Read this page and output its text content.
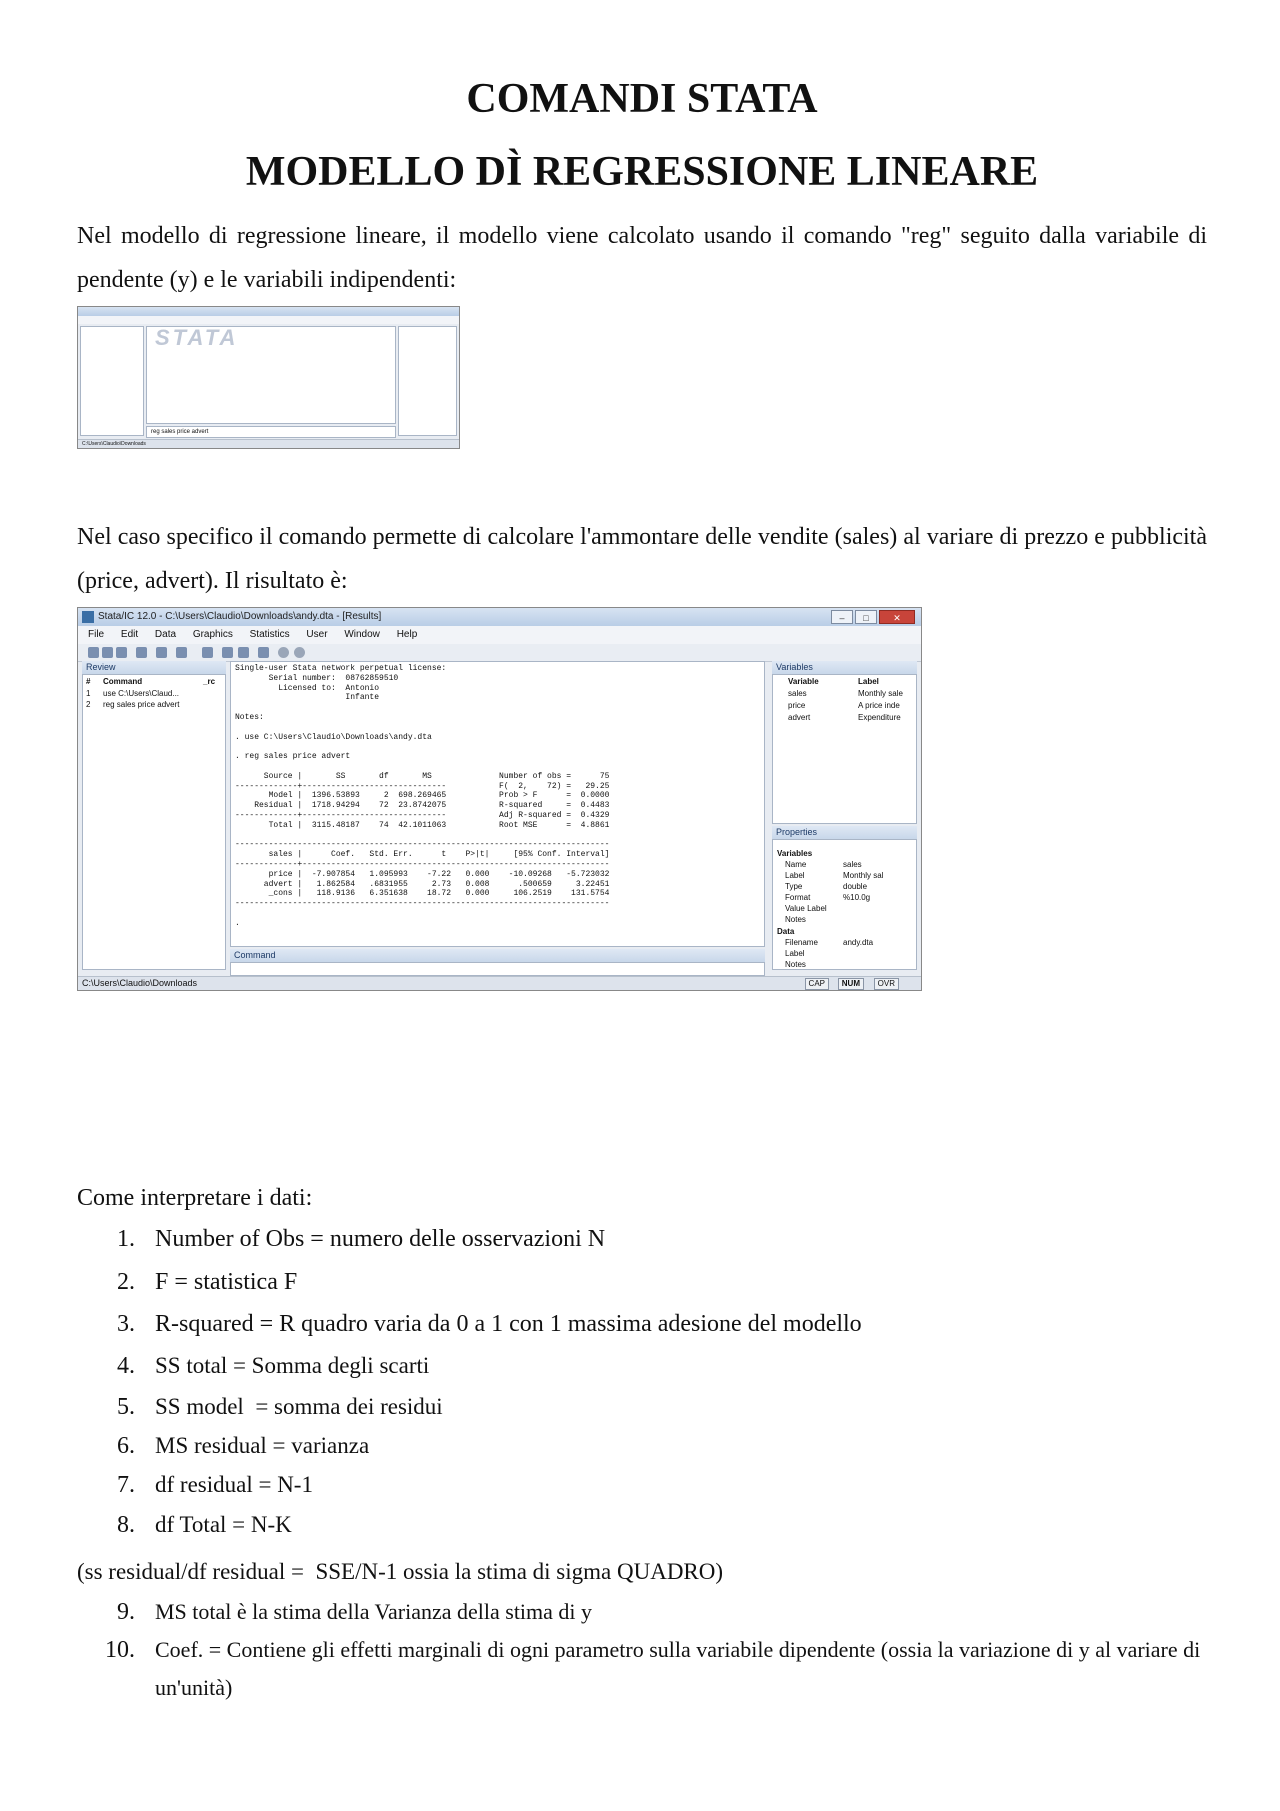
COMANDI STATA
MODELLO DÌ REGRESSIONE LINEARE
Nel modello di regressione lineare, il modello viene calcolato usando il comando "reg" seguito dalla variabile di pendente (y) e le variabili indipendenti:
Nel caso specifico il comando permette di calcolare l'ammontare delle vendite (sales) al variare di prezzo e pubblicità (price, advert). Il risultato è:
Come interpretare i dati:
1. Number of Obs = numero delle osservazioni N
2. F = statistica F
3. R-squared = R quadro varia da 0 a 1 con 1 massima adesione del modello
4. SS total = Somma degli scarti
5. SS model  = somma dei residui
6. MS residual = varianza
7. df residual = N-1
8. df Total = N-K
(ss residual/df residual =  SSE/N-1 ossia la stima di sigma QUADRO)
9. MS total è la stima della Varianza della stima di y
10. Coef. = Contiene gli effetti marginali di ogni parametro sulla variabile dipendente (ossia la variazione di y al variare di un'unità)
STATA
reg sales price advert
C:\Users\Claudio\Downloads
Stata/IC 12.0 - C:\Users\Claudio\Downloads\andy.dta - [Results]	– □	✕
File Edit Data Graphics Statistics User Window Help
Review
# Command	_rc
1 use C:\Users\Claud...
2 reg sales price advert
Single-user Stata network perpetual license:
Serial number:  08762859510
Licensed to:  Antonio
Infante

Notes:

. use C:\Users\Claudio\Downloads\andy.dta

. reg sales price advert

Source |       SS       df       MS              Number of obs =      75
-------------+------------------------------           F(  2,    72) =   29.25
Model |  1396.53893     2  698.269465           Prob > F      =  0.0000
Residual |  1718.94294    72  23.8742075           R-squared     =  0.4483
-------------+------------------------------           Adj R-squared =  0.4329
Total |  3115.48187    74  42.1011063           Root MSE      =  4.8861

------------------------------------------------------------------------------
sales |      Coef.   Std. Err.      t    P>|t|     [95% Conf. Interval]
-------------+----------------------------------------------------------------
price |  -7.907854   1.095993    -7.22   0.000    -10.09268   -5.723032
advert |   1.862584   .6831955     2.73   0.008      .500659     3.22451
_cons |   118.9136   6.351638    18.72   0.000     106.2519    131.5754
------------------------------------------------------------------------------

.
Command
Variables
Variable	Label
sales	Monthly sale
price	A price inde
advert	Expenditure
Properties
Variables
Name	sales
Label	Monthly sal
Type	double
Format	%10.0g
Value Label
Notes
Data
Filename	andy.dta
Label
Notes
C:\Users\Claudio\Downloads	CAP	NUM	OVR
